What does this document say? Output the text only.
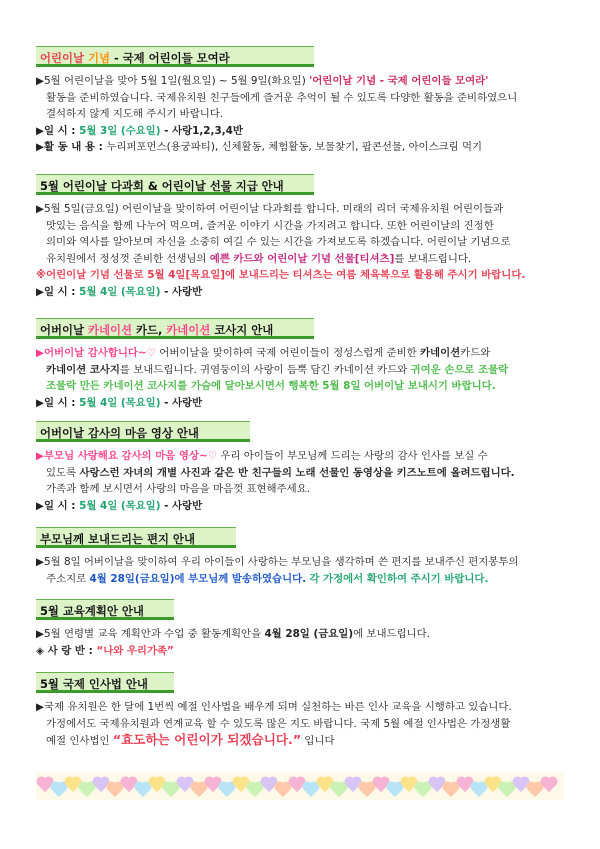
어린이날 기념 - 국제 어린이들 모여라
▶5월 어린이날을 맞아 5월 1일(월요일) ~ 5월 9일(화요일) '어린이날 기념 - 국제 어린이들 모여라'
활동을 준비하였습니다. 국제유치원 친구들에게 즐거운 추억이 될 수 있도록 다양한 활동을 준비하였으니
결석하지 않게 지도해 주시기 바랍니다.
▶일 시 : 5월 3일 (수요일) - 사랑1,2,3,4반
▶활 동 내 용 : 누리퍼포먼스(용궁파티), 신체활동, 체험활동, 보물찾기, 팝콘선물, 아이스크림 먹기
5월 어린이날 다과회 & 어린이날 선물 지급 안내
▶5월 5일(금요일) 어린이날을 맞이하여 어린이날 다과회를 합니다. 미래의 리더 국제유치원 어린이들과
맛있는 음식을 함께 나누어 먹으며, 즐거운 이야기 시간을 가지려고 합니다. 또한 어린이날의 진정한
의미와 역사를 알아보며 자신을 소중히 여길 수 있는 시간을 가져보도록 하겠습니다. 어린이날 기념으로
유치원에서 정성껏 준비한 선생님의 예쁜 카드와 어린이날 기념 선물[티셔츠]를 보내드립니다.
※어린이날 기념 선물로 5월 4일[목요일]에 보내드리는 티셔츠는 여름 체육복으로 활용해 주시기 바랍니다.
▶일 시 : 5월 4일 (목요일) - 사랑반
어버이날 카네이션 카드, 카네이션 코사지 안내
▶어버이날 감사합니다~♡ 어버이날을 맞이하여 국제 어린이들이 정성스럽게 준비한 카네이션카드와
카네이션 코사지를 보내드립니다. 귀염둥이의 사랑이 듬뿍 담긴 카네이션 카드와 귀여운 손으로 조물락
조물락 만든 카네이션 코사지를 가슴에 달아보시면서 행복한 5월 8일 어버이날 보내시기 바랍니다.
▶일 시 : 5월 4일 (목요일) - 사랑반
어버이날 감사의 마음 영상 안내
▶부모님 사랑해요 감사의 마음 영상~♡ 우리 아이들이 부모님께 드리는 사랑의 감사 인사를 보실 수
있도록 사랑스런 자녀의 개별 사진과 같은 반 친구들의 노래 선물인 동영상을 키즈노트에 올려드립니다.
가족과 함께 보시면서 사랑의 마음을 마음껏 표현해주세요.
▶일 시 : 5월 4일 (목요일) - 사랑반
부모님께 보내드리는 편지 안내
▶5월 8일 어버이날을 맞이하여 우리 아이들이 사랑하는 부모님을 생각하며 쓴 편지를 보내주신 편지봉투의
주소지로 4월 28일(금요일)에 부모님께 발송하였습니다. 각 가정에서 확인하여 주시기 바랍니다.
5월 교육계획안 안내
▶5월 연령별 교육 계획안과 수업 중 활동계획안을 4월 28일 (금요일)에 보내드립니다.
◈ 사 랑 반 : “나와 우리가족”
5월 국제 인사법 안내
▶국제 유치원은 한 달에 1번씩 예절 인사법을 배우게 되며 실천하는 바른 인사 교육을 시행하고 있습니다.
가정에서도 국제유치원과 연계교육 할 수 있도록 많은 지도 바랍니다. 국제 5월 예절 인사법은 가정생활
예절 인사법인 “효도하는 어린이가 되겠습니다.” 입니다
